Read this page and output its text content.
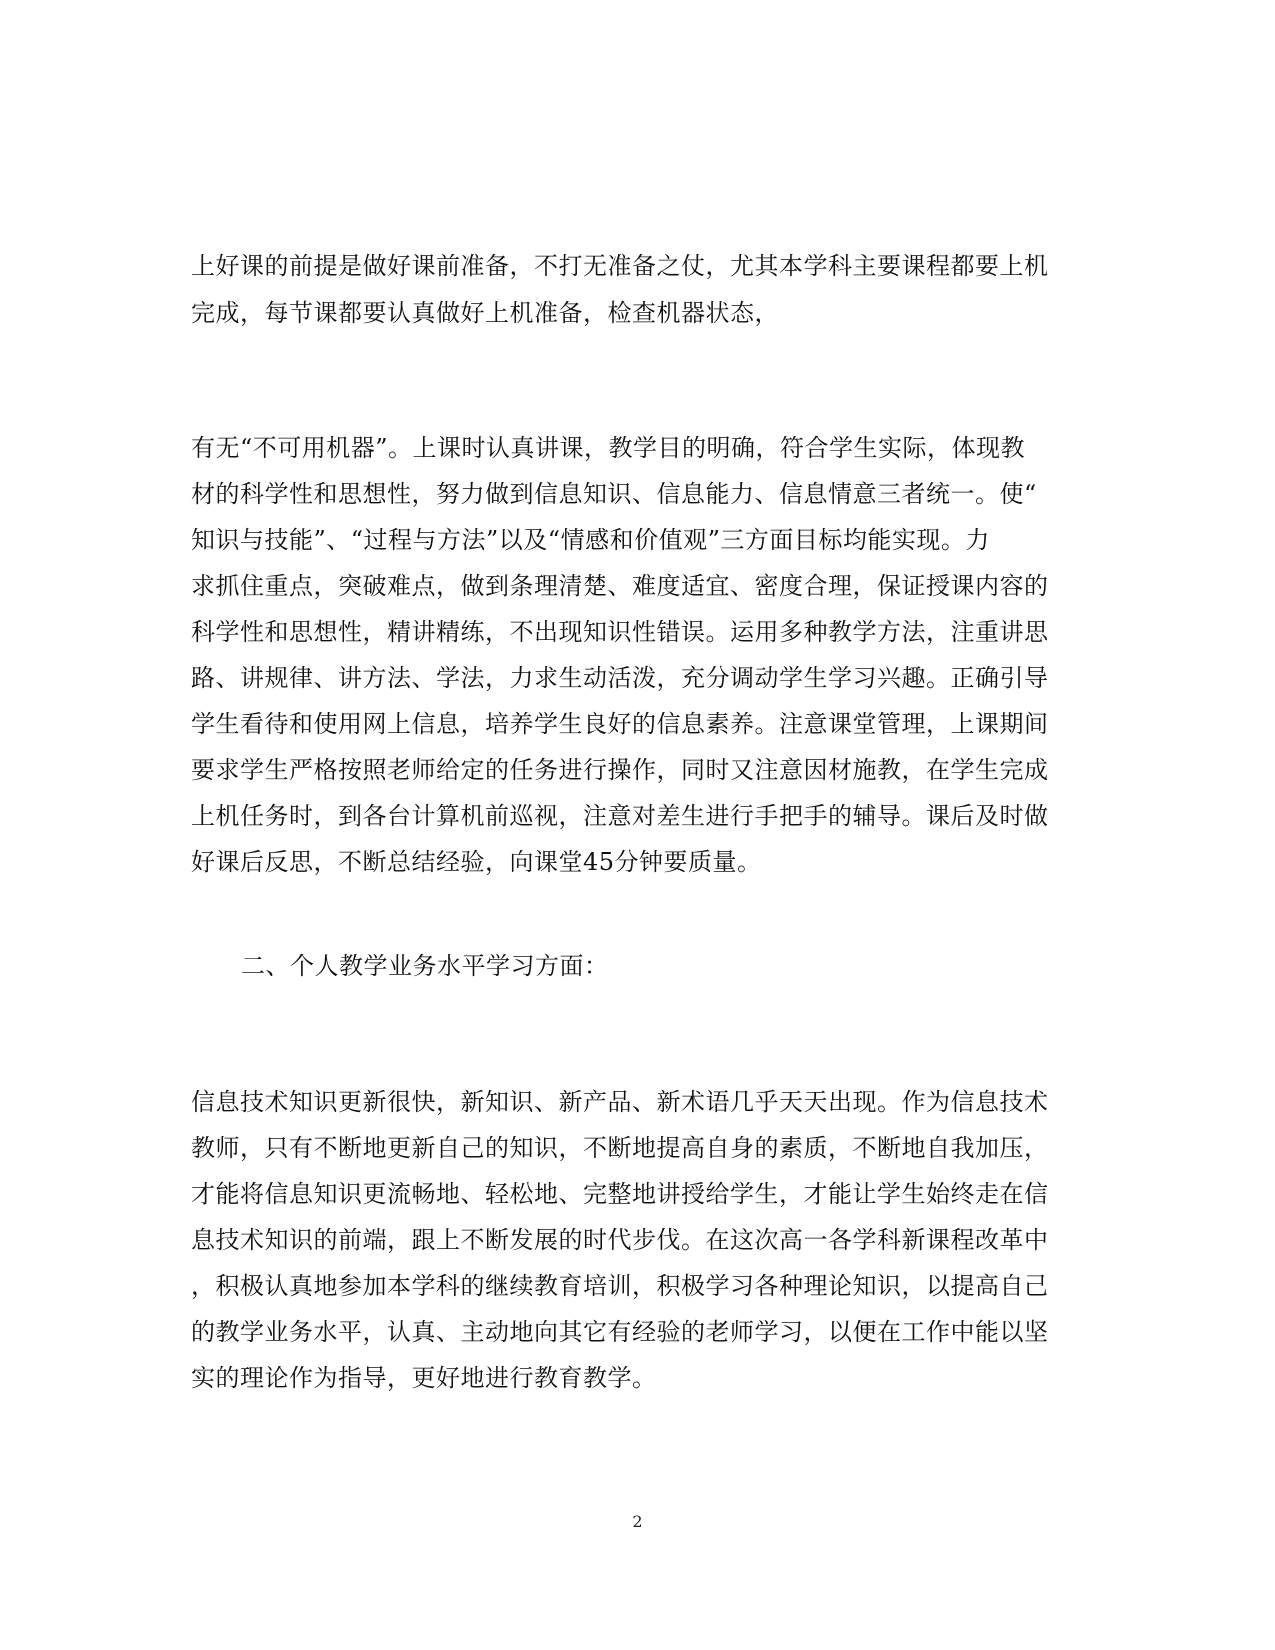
上好课的前提是做好课前准备，不打无准备之仗，尤其本学科主要课程都要上机

完成，每节课都要认真做好上机准备，检查机器状态，

有无“不可用机器”。上课时认真讲课，教学目的明确，符合学生实际，体现教

材的科学性和思想性，努力做到信息知识、信息能力、信息情意三者统一。使“

知识与技能”、“过程与方法”以及“情感和价值观”三方面目标均能实现。力

求抓住重点，突破难点，做到条理清楚、难度适宜、密度合理，保证授课内容的

科学性和思想性，精讲精练，不出现知识性错误。运用多种教学方法，注重讲思

路、讲规律、讲方法、学法，力求生动活泼，充分调动学生学习兴趣。正确引导

学生看待和使用网上信息，培养学生良好的信息素养。注意课堂管理，上课期间

要求学生严格按照老师给定的任务进行操作，同时又注意因材施教，在学生完成

上机任务时，到各台计算机前巡视，注意对差生进行手把手的辅导。课后及时做

好课后反思，不断总结经验，向课堂45分钟要质量。

二、个人教学业务水平学习方面：

信息技术知识更新很快，新知识、新产品、新术语几乎天天出现。作为信息技术

教师，只有不断地更新自己的知识，不断地提高自身的素质，不断地自我加压，

才能将信息知识更流畅地、轻松地、完整地讲授给学生，才能让学生始终走在信

息技术知识的前端，跟上不断发展的时代步伐。在这次高一各学科新课程改革中

，积极认真地参加本学科的继续教育培训，积极学习各种理论知识，以提高自己

的教学业务水平，认真、主动地向其它有经验的老师学习，以便在工作中能以坚

实的理论作为指导，更好地进行教育教学。

2
